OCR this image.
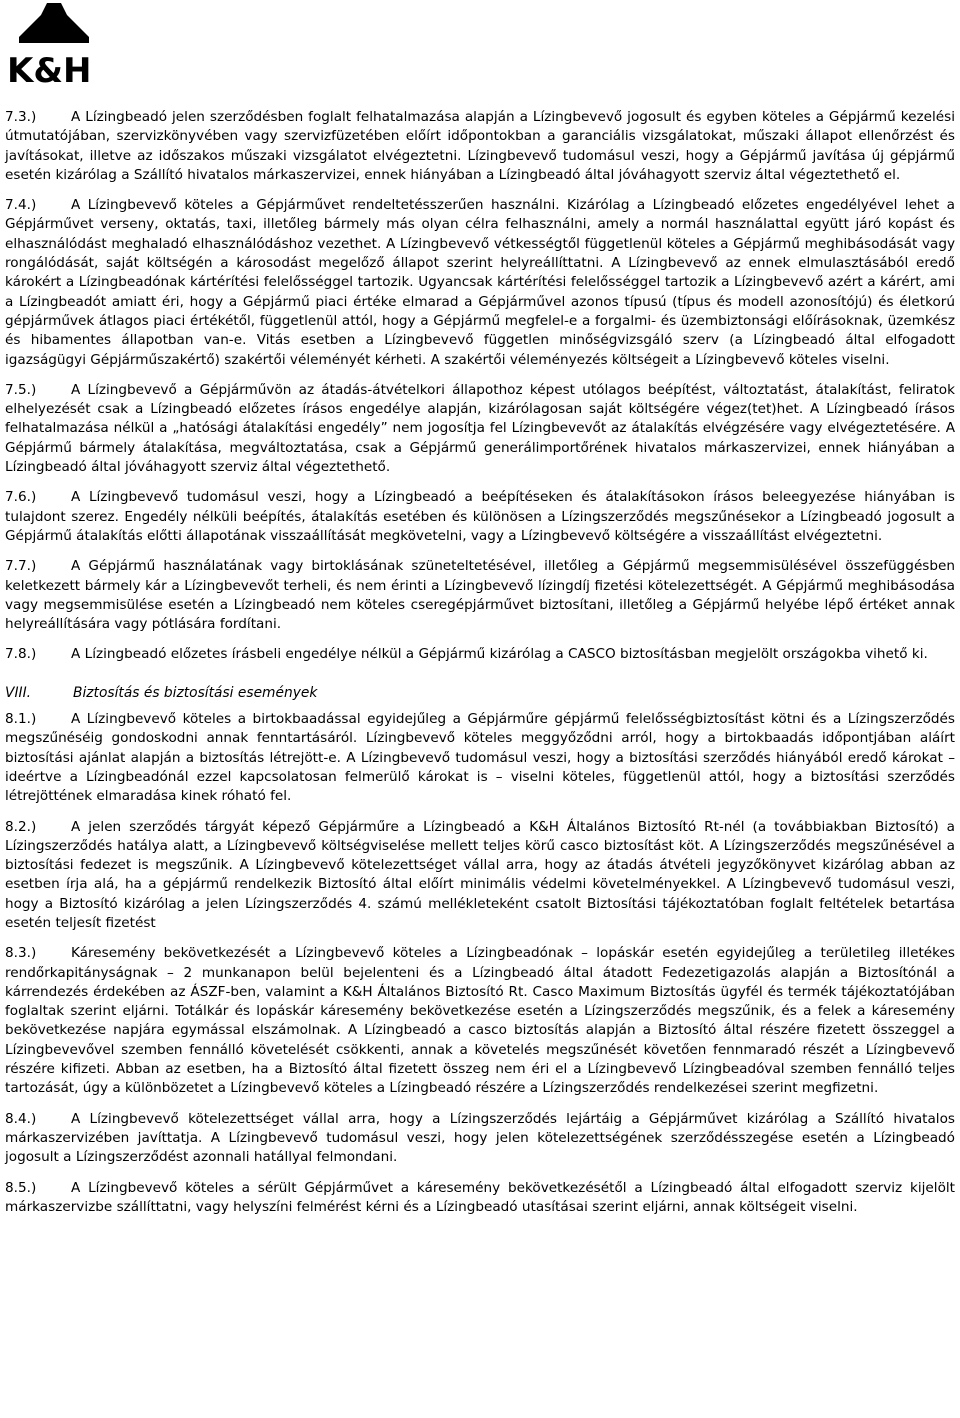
K&H

7.3.)	A Lízingbeadó jelen szerződésben foglalt felhatalmazása alapján a Lízingbevevő jogosult és egyben köteles a Gépjármű kezelési útmutatójában, szervizkönyvében vagy szervizfüzetében előírt időpontokban a garanciális vizsgálatokat, műszaki állapot ellenőrzést és javításokat, illetve az időszakos műszaki vizsgálatot elvégeztetni. Lízingbevevő tudomásul veszi, hogy a Gépjármű javítása új gépjármű esetén kizárólag a Szállító hivatalos márkaszervizei, ennek hiányában a Lízingbeadó által jóváhagyott szerviz által végeztethető el.

7.4.)	A Lízingbevevő köteles a Gépjárművet rendeltetésszerűen használni. Kizárólag a Lízingbeadó előzetes engedélyével lehet a Gépjárművet verseny, oktatás, taxi, illetőleg bármely más olyan célra felhasználni, amely a normál használattal együtt járó kopást és elhasználódást meghaladó elhasználódáshoz vezethet. A Lízingbevevő vétkességtől függetlenül köteles a Gépjármű meghibásodását vagy rongálódását, saját költségén a károsodást megelőző állapot szerint helyreállíttatni. A Lízingbevevő az ennek elmulasztásából eredő károkért a Lízingbeadónak kártérítési felelősséggel tartozik. Ugyancsak kártérítési felelősséggel tartozik a Lízingbevevő azért a kárért, ami a Lízingbeadót amiatt éri, hogy a Gépjármű piaci értéke elmarad a Gépjárművel azonos típusú (típus és modell azonosítójú) és életkorú gépjárművek átlagos piaci értékétől, függetlenül attól, hogy a Gépjármű megfelel-e a forgalmi- és üzembiztonsági előírásoknak, üzemkész és hibamentes állapotban van-e. Vitás esetben a Lízingbevevő független minőségvizsgáló szerv (a Lízingbeadó által elfogadott igazságügyi Gépjárműszakértő) szakértői véleményét kérheti. A szakértői véleményezés költségeit a Lízingbevevő köteles viselni.

7.5.)	A Lízingbevevő a Gépjárművön az átadás-átvételkori állapothoz képest utólagos beépítést, változtatást, átalakítást, feliratok elhelyezését csak a Lízingbeadó előzetes írásos engedélye alapján, kizárólagosan saját költségére végez(tet)het. A Lízingbeadó írásos felhatalmazása nélkül a „hatósági átalakítási engedély” nem jogosítja fel Lízingbevevőt az átalakítás elvégzésére vagy elvégeztetésére. A Gépjármű bármely átalakítása, megváltoztatása, csak a Gépjármű generálimportőrének hivatalos márkaszervizei, ennek hiányában a Lízingbeadó által jóváhagyott szerviz által végeztethető.

7.6.)	A Lízingbevevő tudomásul veszi, hogy a Lízingbeadó a beépítéseken és átalakításokon írásos beleegyezése hiányában is tulajdont szerez. Engedély nélküli beépítés, átalakítás esetében és különösen a Lízingszerződés megszűnésekor a Lízingbeadó jogosult a Gépjármű átalakítás előtti állapotának visszaállítását megkövetelni, vagy a Lízingbevevő költségére a visszaállítást elvégeztetni.

7.7.)	A Gépjármű használatának vagy birtoklásának szüneteltetésével, illetőleg a Gépjármű megsemmisülésével összefüggésben keletkezett bármely kár a Lízingbevevőt terheli, és nem érinti a Lízingbevevő lízingdíj fizetési kötelezettségét. A Gépjármű meghibásodása vagy megsemmisülése esetén a Lízingbeadó nem köteles cseregépjárművet biztosítani, illetőleg a Gépjármű helyébe lépő értéket annak helyreállítására vagy pótlására fordítani.

7.8.)	A Lízingbeadó előzetes írásbeli engedélye nélkül a Gépjármű kizárólag a CASCO biztosításban megjelölt országokba vihető ki.

VIII.	Biztosítás és biztosítási események

8.1.)	A Lízingbevevő köteles a birtokbaadással egyidejűleg a Gépjárműre gépjármű felelősségbiztosítást kötni és a Lízingszerződés megszűnéséig gondoskodni annak fenntartásáról. Lízingbevevő köteles meggyőződni arról, hogy a birtokbaadás időpontjában aláírt biztosítási ajánlat alapján a biztosítás létrejött-e. A Lízingbevevő tudomásul veszi, hogy a biztosítási szerződés hiányából eredő károkat – ideértve a Lízingbeadónál ezzel kapcsolatosan felmerülő károkat is – viselni köteles, függetlenül attól, hogy a biztosítási szerződés létrejöttének elmaradása kinek róható fel.

8.2.)	A jelen szerződés tárgyát képező Gépjárműre a Lízingbeadó a K&H Általános Biztosító Rt-nél (a továbbiakban Biztosító) a Lízingszerződés hatálya alatt, a Lízingbevevő költségviselése mellett teljes körű casco biztosítást köt. A Lízingszerződés megszűnésével a biztosítási fedezet is megszűnik. A Lízingbevevő kötelezettséget vállal arra, hogy az átadás átvételi jegyzőkönyvet kizárólag abban az esetben írja alá, ha a gépjármű rendelkezik Biztosító által előírt minimális védelmi követelményekkel. A Lízingbevevő tudomásul veszi, hogy a Biztosító kizárólag a jelen Lízingszerződés 4. számú mellékleteként csatolt Biztosítási tájékoztatóban foglalt feltételek betartása esetén teljesít fizetést

8.3.)	Káresemény bekövetkezését a Lízingbevevő köteles a Lízingbeadónak – lopáskár esetén egyidejűleg a területileg illetékes rendőrkapitányságnak – 2 munkanapon belül bejelenteni és a Lízingbeadó által átadott Fedezetigazolás alapján a Biztosítónál a kárrendezés érdekében az ÁSZF-ben, valamint a K&H Általános Biztosító Rt. Casco Maximum Biztosítás ügyfél és termék tájékoztatójában foglaltak szerint eljárni. Totálkár és lopáskár káresemény bekövetkezése esetén a Lízingszerződés megszűnik, és a felek a káresemény bekövetkezése napjára egymással elszámolnak. A Lízingbeadó a casco biztosítás alapján a Biztosító által részére fizetett összeggel a Lízingbevevővel szemben fennálló követelését csökkenti, annak a követelés megszűnését követően fennmaradó részét a Lízingbevevő részére kifizeti. Abban az esetben, ha a Biztosító által fizetett összeg nem éri el a Lízingbevevő Lízingbeadóval szemben fennálló teljes tartozását, úgy a különbözetet a Lízingbevevő köteles a Lízingbeadó részére a Lízingszerződés rendelkezései szerint megfizetni.

8.4.)	A Lízingbevevő kötelezettséget vállal arra, hogy a Lízingszerződés lejártáig a Gépjárművet kizárólag a Szállító hivatalos márkaszervizében javíttatja. A Lízingbevevő tudomásul veszi, hogy jelen kötelezettségének szerződésszegése esetén a Lízingbeadó jogosult a Lízingszerződést azonnali hatállyal felmondani.

8.5.)	A Lízingbevevő köteles a sérült Gépjárművet a káresemény bekövetkezésétől a Lízingbeadó által elfogadott szerviz kijelölt márkaszervizbe szállíttatni, vagy helyszíni felmérést kérni és a Lízingbeadó utasításai szerint eljárni, annak költségeit viselni.
